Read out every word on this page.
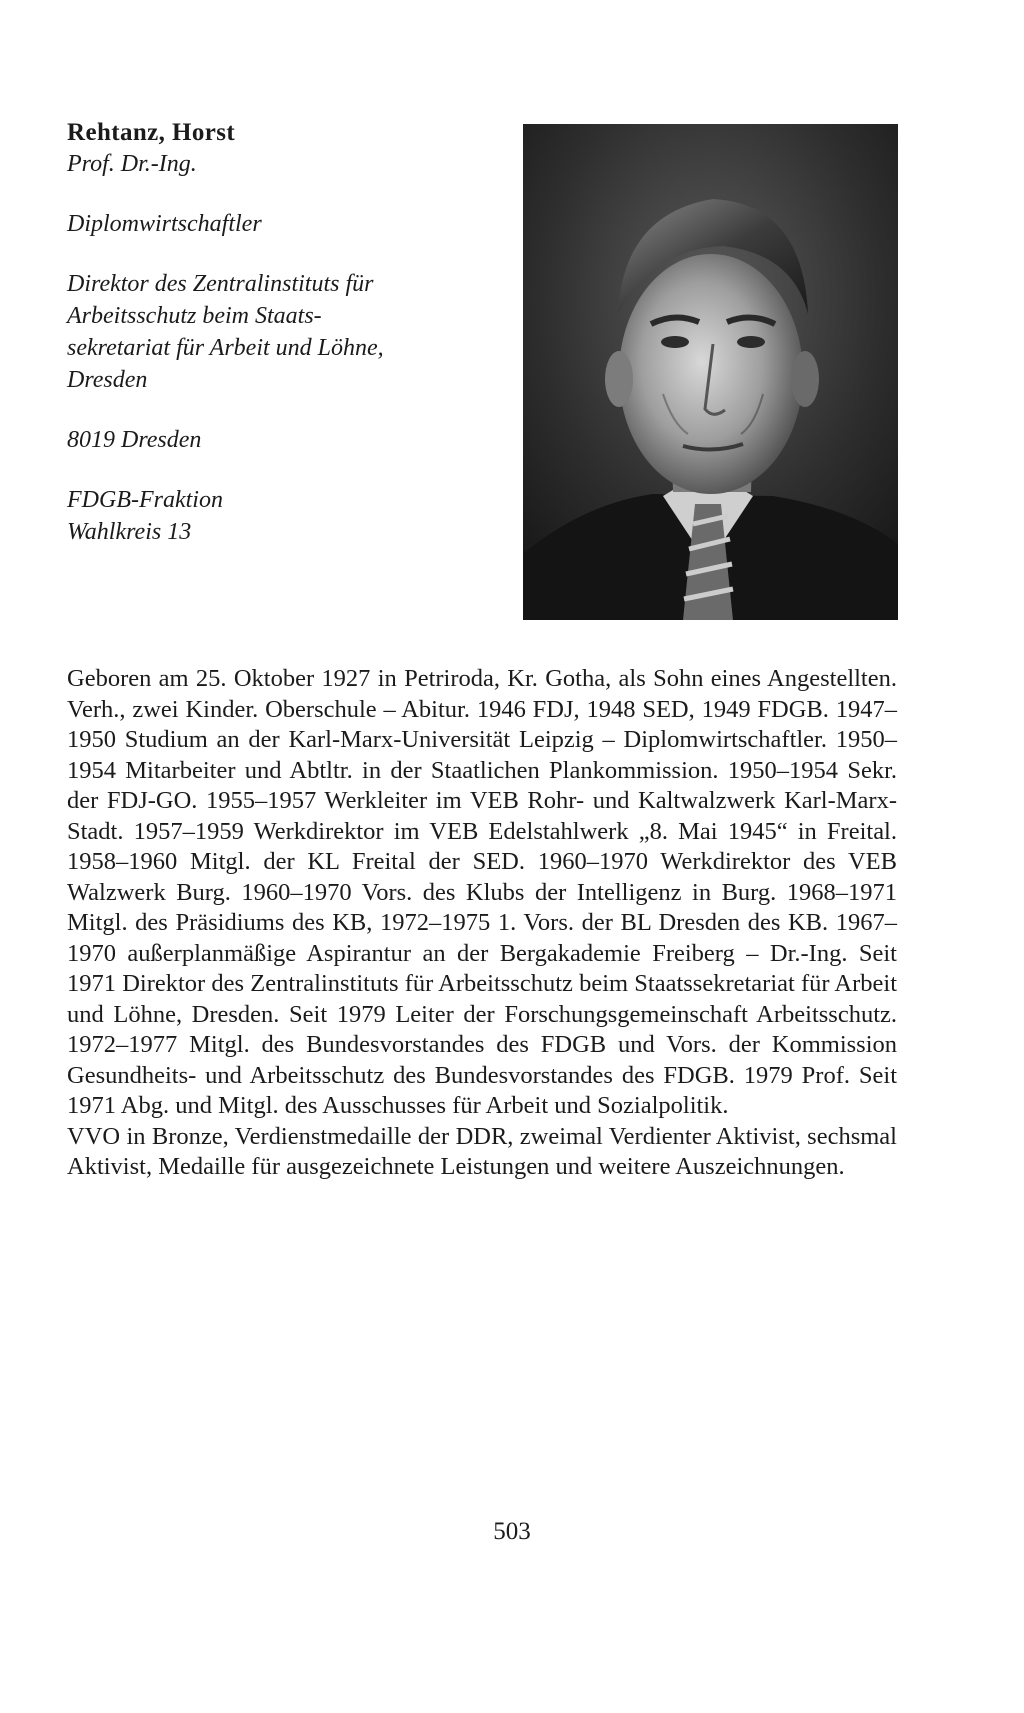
Rehtanz, Horst

Prof. Dr.-Ing.

Diplomwirtschaftler

Direktor des Zentralinstituts für

Arbeitsschutz beim Staats-

sekretariat für Arbeit und Löhne,

Dresden

8019 Dresden

FDGB-Fraktion

Wahlkreis 13

Geboren am 25. Oktober 1927 in Petriroda, Kr. Gotha, als Sohn eines Angestellten. Verh., zwei Kinder. Oberschule – Abitur. 1946 FDJ, 1948 SED, 1949 FDGB. 1947–1950 Studium an der Karl-Marx-Universität Leipzig – Diplomwirtschaftler. 1950–1954 Mitarbeiter und Abtltr. in der Staatlichen Plankommission. 1950–1954 Sekr. der FDJ-GO. 1955–1957 Werkleiter im VEB Rohr- und Kaltwalzwerk Karl-Marx-Stadt. 1957–1959 Werkdirektor im VEB Edelstahlwerk „8. Mai 1945“ in Freital. 1958–1960 Mitgl. der KL Freital der SED. 1960–1970 Werkdirektor des VEB Walzwerk Burg. 1960–1970 Vors. des Klubs der Intelligenz in Burg. 1968–1971 Mitgl. des Präsidiums des KB, 1972–1975 1. Vors. der BL Dresden des KB. 1967–1970 außerplanmäßige Aspirantur an der Bergakademie Freiberg – Dr.-Ing. Seit 1971 Direktor des Zentralinstituts für Arbeitsschutz beim Staatssekretariat für Arbeit und Löhne, Dresden. Seit 1979 Leiter der Forschungsgemeinschaft Arbeitsschutz. 1972–1977 Mitgl. des Bundesvorstandes des FDGB und Vors. der Kommission Gesundheits- und Arbeitsschutz des Bundesvorstandes des FDGB. 1979 Prof. Seit 1971 Abg. und Mitgl. des Ausschusses für Arbeit und Sozialpolitik.

VVO in Bronze, Verdienstmedaille der DDR, zweimal Verdienter Aktivist, sechsmal Aktivist, Medaille für ausgezeichnete Leistungen und weitere Auszeichnungen.

503
